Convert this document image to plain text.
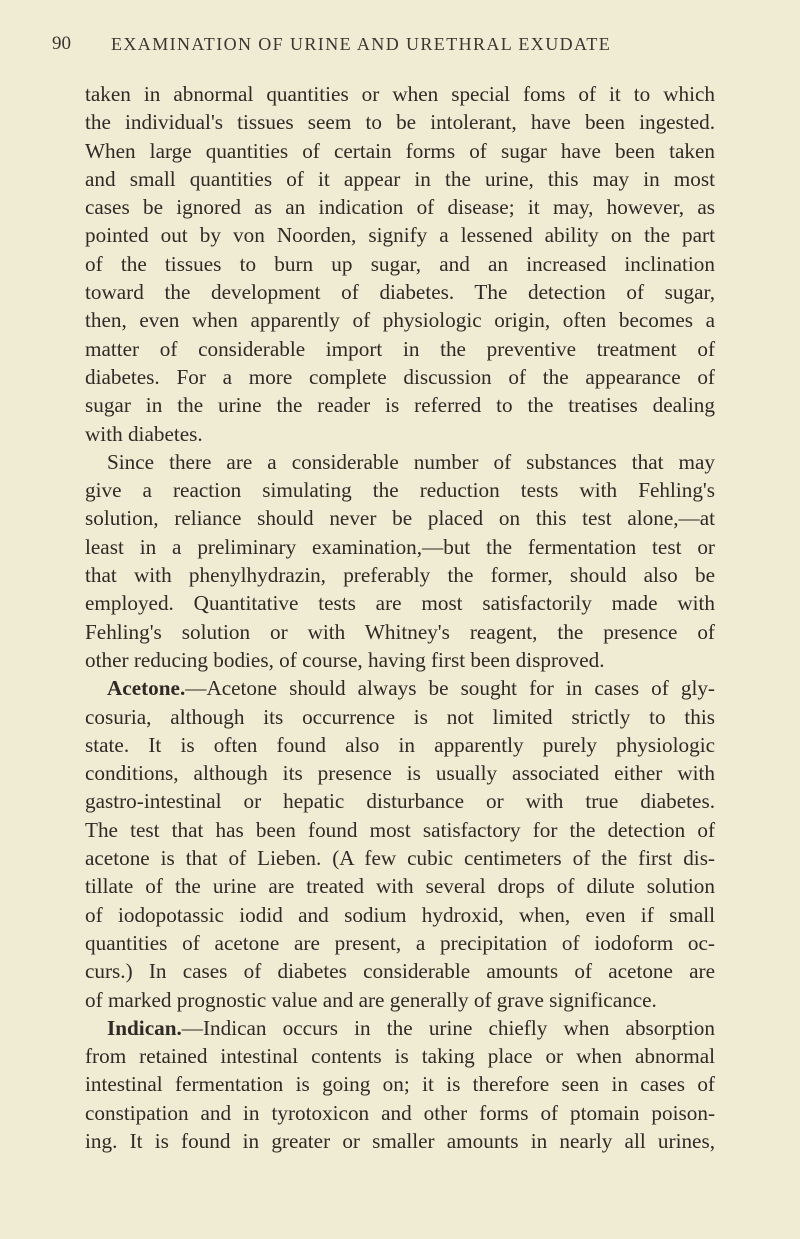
90 EXAMINATION OF URINE AND URETHRAL EXUDATE
taken in abnormal quantities or when special foms of it to which
the individual's tissues seem to be intolerant, have been ingested.
When large quantities of certain forms of sugar have been taken
and small quantities of it appear in the urine, this may in most
cases be ignored as an indication of disease; it may, however, as
pointed out by von Noorden, signify a lessened ability on the part
of the tissues to burn up sugar, and an increased inclination
toward the development of diabetes. The detection of sugar,
then, even when apparently of physiologic origin, often becomes a
matter of considerable import in the preventive treatment of
diabetes. For a more complete discussion of the appearance of
sugar in the urine the reader is referred to the treatises dealing
with diabetes.
Since there are a considerable number of substances that may
give a reaction simulating the reduction tests with Fehling's
solution, reliance should never be placed on this test alone,—at
least in a preliminary examination,—but the fermentation test or
that with phenylhydrazin, preferably the former, should also be
employed. Quantitative tests are most satisfactorily made with
Fehling's solution or with Whitney's reagent, the presence of
other reducing bodies, of course, having first been disproved.
Acetone.—Acetone should always be sought for in cases of gly-
cosuria, although its occurrence is not limited strictly to this
state. It is often found also in apparently purely physiologic
conditions, although its presence is usually associated either with
gastro-intestinal or hepatic disturbance or with true diabetes.
The test that has been found most satisfactory for the detection of
acetone is that of Lieben. (A few cubic centimeters of the first dis-
tillate of the urine are treated with several drops of dilute solution
of iodopotassic iodid and sodium hydroxid, when, even if small
quantities of acetone are present, a precipitation of iodoform oc-
curs.) In cases of diabetes considerable amounts of acetone are
of marked prognostic value and are generally of grave significance.
Indican.—Indican occurs in the urine chiefly when absorption
from retained intestinal contents is taking place or when abnormal
intestinal fermentation is going on; it is therefore seen in cases of
constipation and in tyrotoxicon and other forms of ptomain poison-
ing. It is found in greater or smaller amounts in nearly all urines,
